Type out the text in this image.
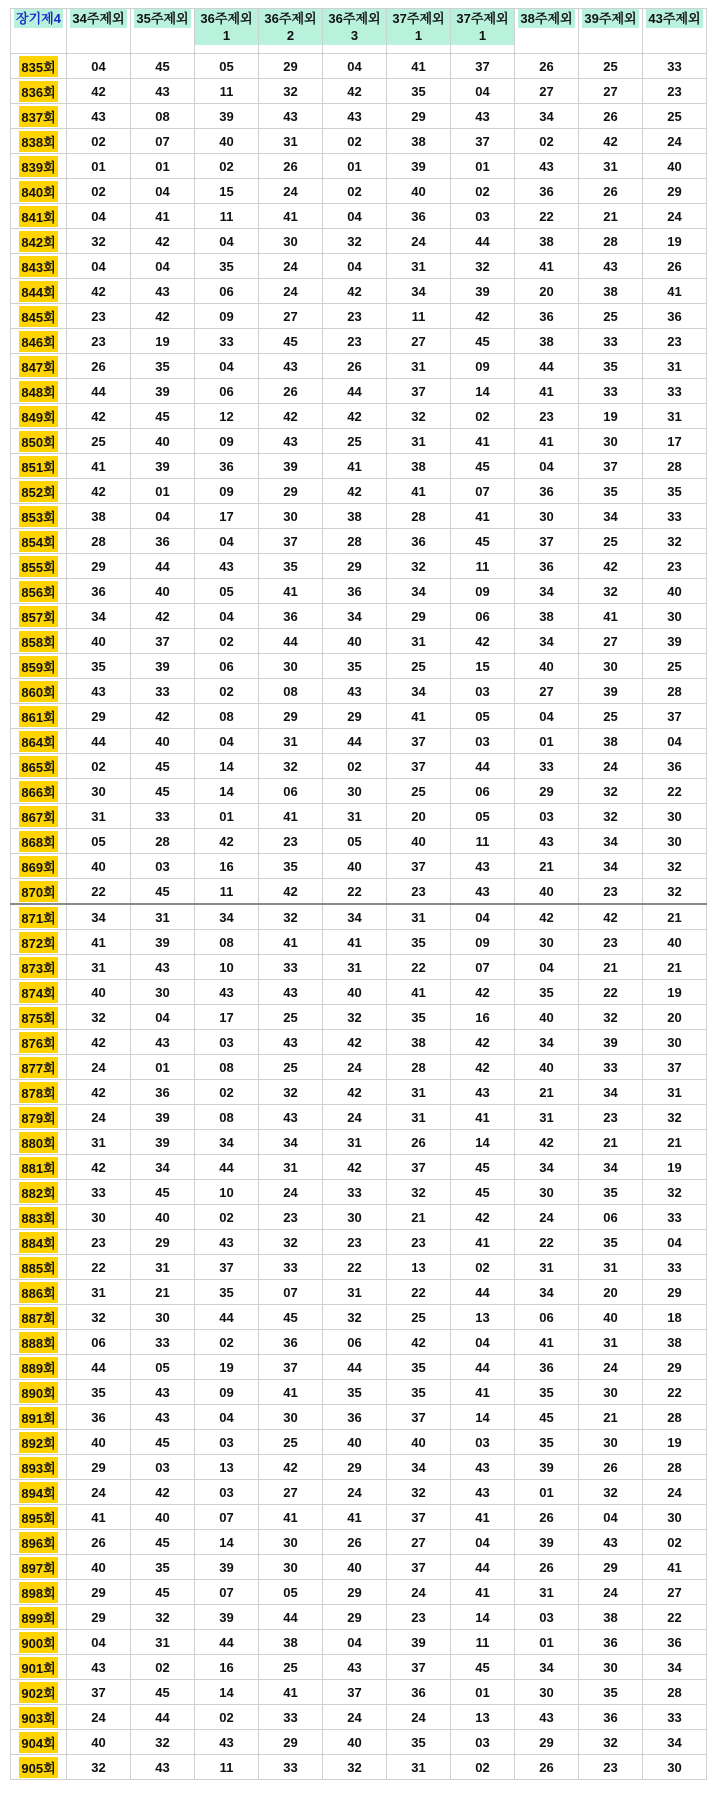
장기제4	34주제외	35주제외	36주제외1	36주제외2	36주제외3	37주제외1	37주제외1	38주제외	39주제외	43주제외
835회	04	45	05	29	04	41	37	26	25	33
836회	42	43	11	32	42	35	04	27	27	23
837회	43	08	39	43	43	29	43	34	26	25
838회	02	07	40	31	02	38	37	02	42	24
839회	01	01	02	26	01	39	01	43	31	40
840회	02	04	15	24	02	40	02	36	26	29
841회	04	41	11	41	04	36	03	22	21	24
842회	32	42	04	30	32	24	44	38	28	19
843회	04	04	35	24	04	31	32	41	43	26
844회	42	43	06	24	42	34	39	20	38	41
845회	23	42	09	27	23	11	42	36	25	36
846회	23	19	33	45	23	27	45	38	33	23
847회	26	35	04	43	26	31	09	44	35	31
848회	44	39	06	26	44	37	14	41	33	33
849회	42	45	12	42	42	32	02	23	19	31
850회	25	40	09	43	25	31	41	41	30	17
851회	41	39	36	39	41	38	45	04	37	28
852회	42	01	09	29	42	41	07	36	35	35
853회	38	04	17	30	38	28	41	30	34	33
854회	28	36	04	37	28	36	45	37	25	32
855회	29	44	43	35	29	32	11	36	42	23
856회	36	40	05	41	36	34	09	34	32	40
857회	34	42	04	36	34	29	06	38	41	30
858회	40	37	02	44	40	31	42	34	27	39
859회	35	39	06	30	35	25	15	40	30	25
860회	43	33	02	08	43	34	03	27	39	28
861회	29	42	08	29	29	41	05	04	25	37
864회	44	40	04	31	44	37	03	01	38	04
865회	02	45	14	32	02	37	44	33	24	36
866회	30	45	14	06	30	25	06	29	32	22
867회	31	33	01	41	31	20	05	03	32	30
868회	05	28	42	23	05	40	11	43	34	30
869회	40	03	16	35	40	37	43	21	34	32
870회	22	45	11	42	22	23	43	40	23	32
871회	34	31	34	32	34	31	04	42	42	21
872회	41	39	08	41	41	35	09	30	23	40
873회	31	43	10	33	31	22	07	04	21	21
874회	40	30	43	43	40	41	42	35	22	19
875회	32	04	17	25	32	35	16	40	32	20
876회	42	43	03	43	42	38	42	34	39	30
877회	24	01	08	25	24	28	42	40	33	37
878회	42	36	02	32	42	31	43	21	34	31
879회	24	39	08	43	24	31	41	31	23	32
880회	31	39	34	34	31	26	14	42	21	21
881회	42	34	44	31	42	37	45	34	34	19
882회	33	45	10	24	33	32	45	30	35	32
883회	30	40	02	23	30	21	42	24	06	33
884회	23	29	43	32	23	23	41	22	35	04
885회	22	31	37	33	22	13	02	31	31	33
886회	31	21	35	07	31	22	44	34	20	29
887회	32	30	44	45	32	25	13	06	40	18
888회	06	33	02	36	06	42	04	41	31	38
889회	44	05	19	37	44	35	44	36	24	29
890회	35	43	09	41	35	35	41	35	30	22
891회	36	43	04	30	36	37	14	45	21	28
892회	40	45	03	25	40	40	03	35	30	19
893회	29	03	13	42	29	34	43	39	26	28
894회	24	42	03	27	24	32	43	01	32	24
895회	41	40	07	41	41	37	41	26	04	30
896회	26	45	14	30	26	27	04	39	43	02
897회	40	35	39	30	40	37	44	26	29	41
898회	29	45	07	05	29	24	41	31	24	27
899회	29	32	39	44	29	23	14	03	38	22
900회	04	31	44	38	04	39	11	01	36	36
901회	43	02	16	25	43	37	45	34	30	34
902회	37	45	14	41	37	36	01	30	35	28
903회	24	44	02	33	24	24	13	43	36	33
904회	40	32	43	29	40	35	03	29	32	34
905회	32	43	11	33	32	31	02	26	23	30
